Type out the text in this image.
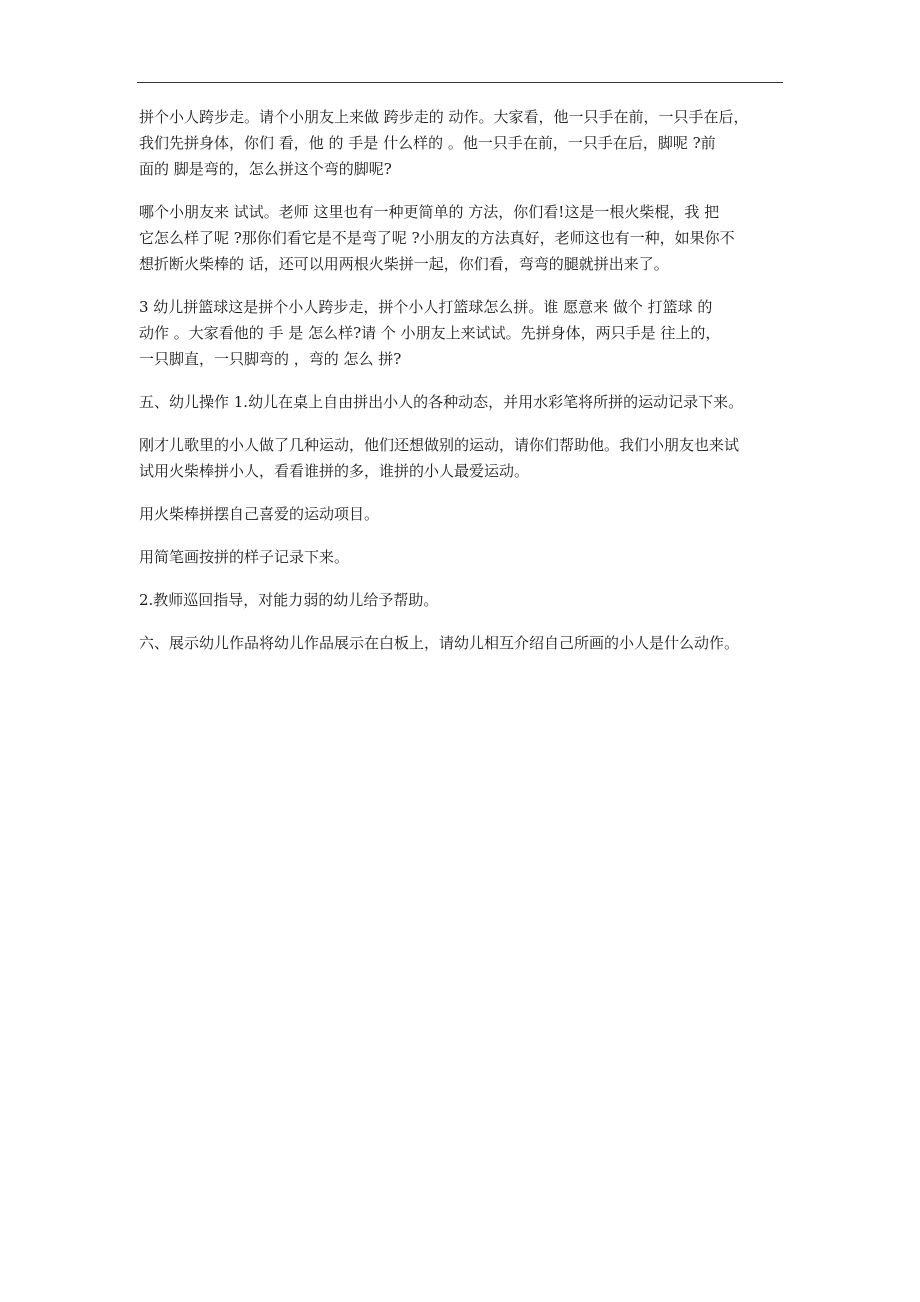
拼个小人跨步走。请个小朋友上来做 跨步走的 动作。大家看，他一只手在前，一只手在后，
我们先拼身体，你们 看，他 的 手是 什么样的 。他一只手在前，一只手在后，脚呢 ?前
面的 脚是弯的，怎么拼这个弯的脚呢?

哪个小朋友来 试试。老师 这里也有一种更简单的 方法，你们看!这是一根火柴棍，我 把
它怎么样了呢 ?那你们看它是不是弯了呢 ?小朋友的方法真好，老师这也有一种，如果你不
想折断火柴棒的 话，还可以用两根火柴拼一起，你们看，弯弯的腿就拼出来了。

3 幼儿拼篮球这是拼个小人跨步走，拼个小人打篮球怎么拼。谁 愿意来 做个 打篮球 的
动作 。大家看他的 手 是 怎么样?请 个 小朋友上来试试。先拼身体，两只手是 往上的，
一只脚直，一只脚弯的 ，弯的 怎么 拼?

五、幼儿操作 1.幼儿在桌上自由拼出小人的各种动态，并用水彩笔将所拼的运动记录下来。

刚才儿歌里的小人做了几种运动，他们还想做别的运动，请你们帮助他。我们小朋友也来试
试用火柴棒拼小人，看看谁拼的多，谁拼的小人最爱运动。

用火柴棒拼摆自己喜爱的运动项目。

用简笔画按拼的样子记录下来。

2.教师巡回指导，对能力弱的幼儿给予帮助。

六、展示幼儿作品将幼儿作品展示在白板上，请幼儿相互介绍自己所画的小人是什么动作。
